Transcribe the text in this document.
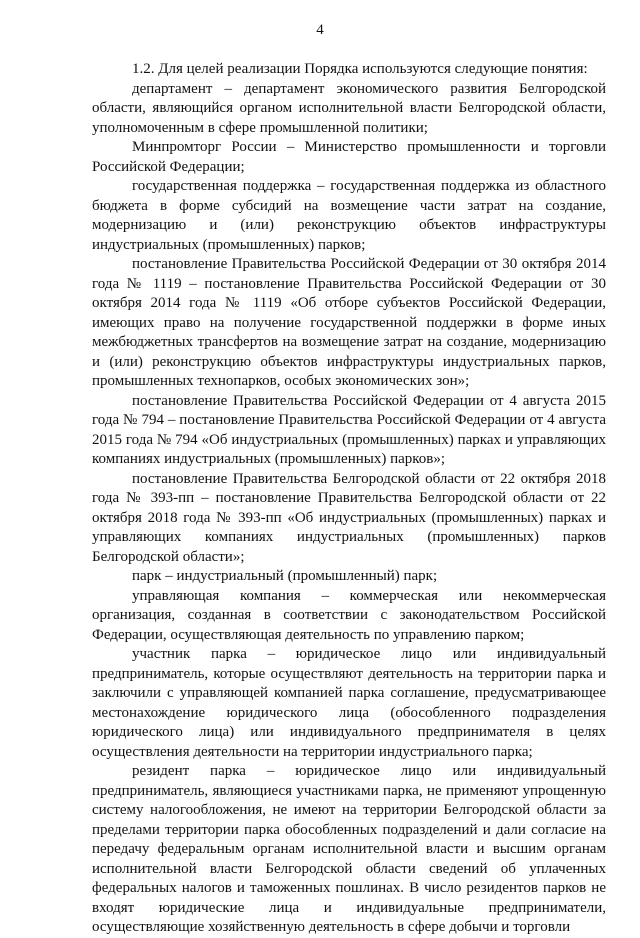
4

1.2. Для целей реализации Порядка используются следующие понятия:

департамент – департамент экономического развития Белгородской области, являющийся органом исполнительной власти Белгородской области, уполномоченным в сфере промышленной политики;

Минпромторг России – Министерство промышленности и торговли Российской Федерации;

государственная поддержка – государственная поддержка из областного бюджета в форме субсидий на возмещение части затрат на создание, модернизацию и (или) реконструкцию объектов инфраструктуры индустриальных (промышленных) парков;

постановление Правительства Российской Федерации от 30 октября 2014 года № 1119 – постановление Правительства Российской Федерации от 30 октября 2014 года № 1119 «Об отборе субъектов Российской Федерации, имеющих право на получение государственной поддержки в форме иных межбюджетных трансфертов на возмещение затрат на создание, модернизацию и (или) реконструкцию объектов инфраструктуры индустриальных парков, промышленных технопарков, особых экономических зон»;

постановление Правительства Российской Федерации от 4 августа 2015 года № 794 – постановление Правительства Российской Федерации от 4 августа 2015 года № 794 «Об индустриальных (промышленных) парках и управляющих компаниях индустриальных (промышленных) парков»;

постановление Правительства Белгородской области от 22 октября 2018 года № 393-пп – постановление Правительства Белгородской области от 22 октября 2018 года № 393-пп «Об индустриальных (промышленных) парках и управляющих компаниях индустриальных (промышленных) парков Белгородской области»;

парк – индустриальный (промышленный) парк;

управляющая компания – коммерческая или некоммерческая организация, созданная в соответствии с законодательством Российской Федерации, осуществляющая деятельность по управлению парком;

участник парка – юридическое лицо или индивидуальный предприниматель, которые осуществляют деятельность на территории парка и заключили с управляющей компанией парка соглашение, предусматривающее местонахождение юридического лица (обособленного подразделения юридического лица) или индивидуального предпринимателя в целях осуществления деятельности на территории индустриального парка;

резидент парка – юридическое лицо или индивидуальный предприниматель, являющиеся участниками парка, не применяют упрощенную систему налогообложения, не имеют на территории Белгородской области за пределами территории парка обособленных подразделений и дали согласие на передачу федеральным органам исполнительной власти и высшим органам исполнительной власти Белгородской области сведений об уплаченных федеральных налогов и таможенных пошлинах. В число резидентов парков не входят юридические лица и индивидуальные предприниматели, осуществляющие хозяйственную деятельность в сфере добычи и торговли
